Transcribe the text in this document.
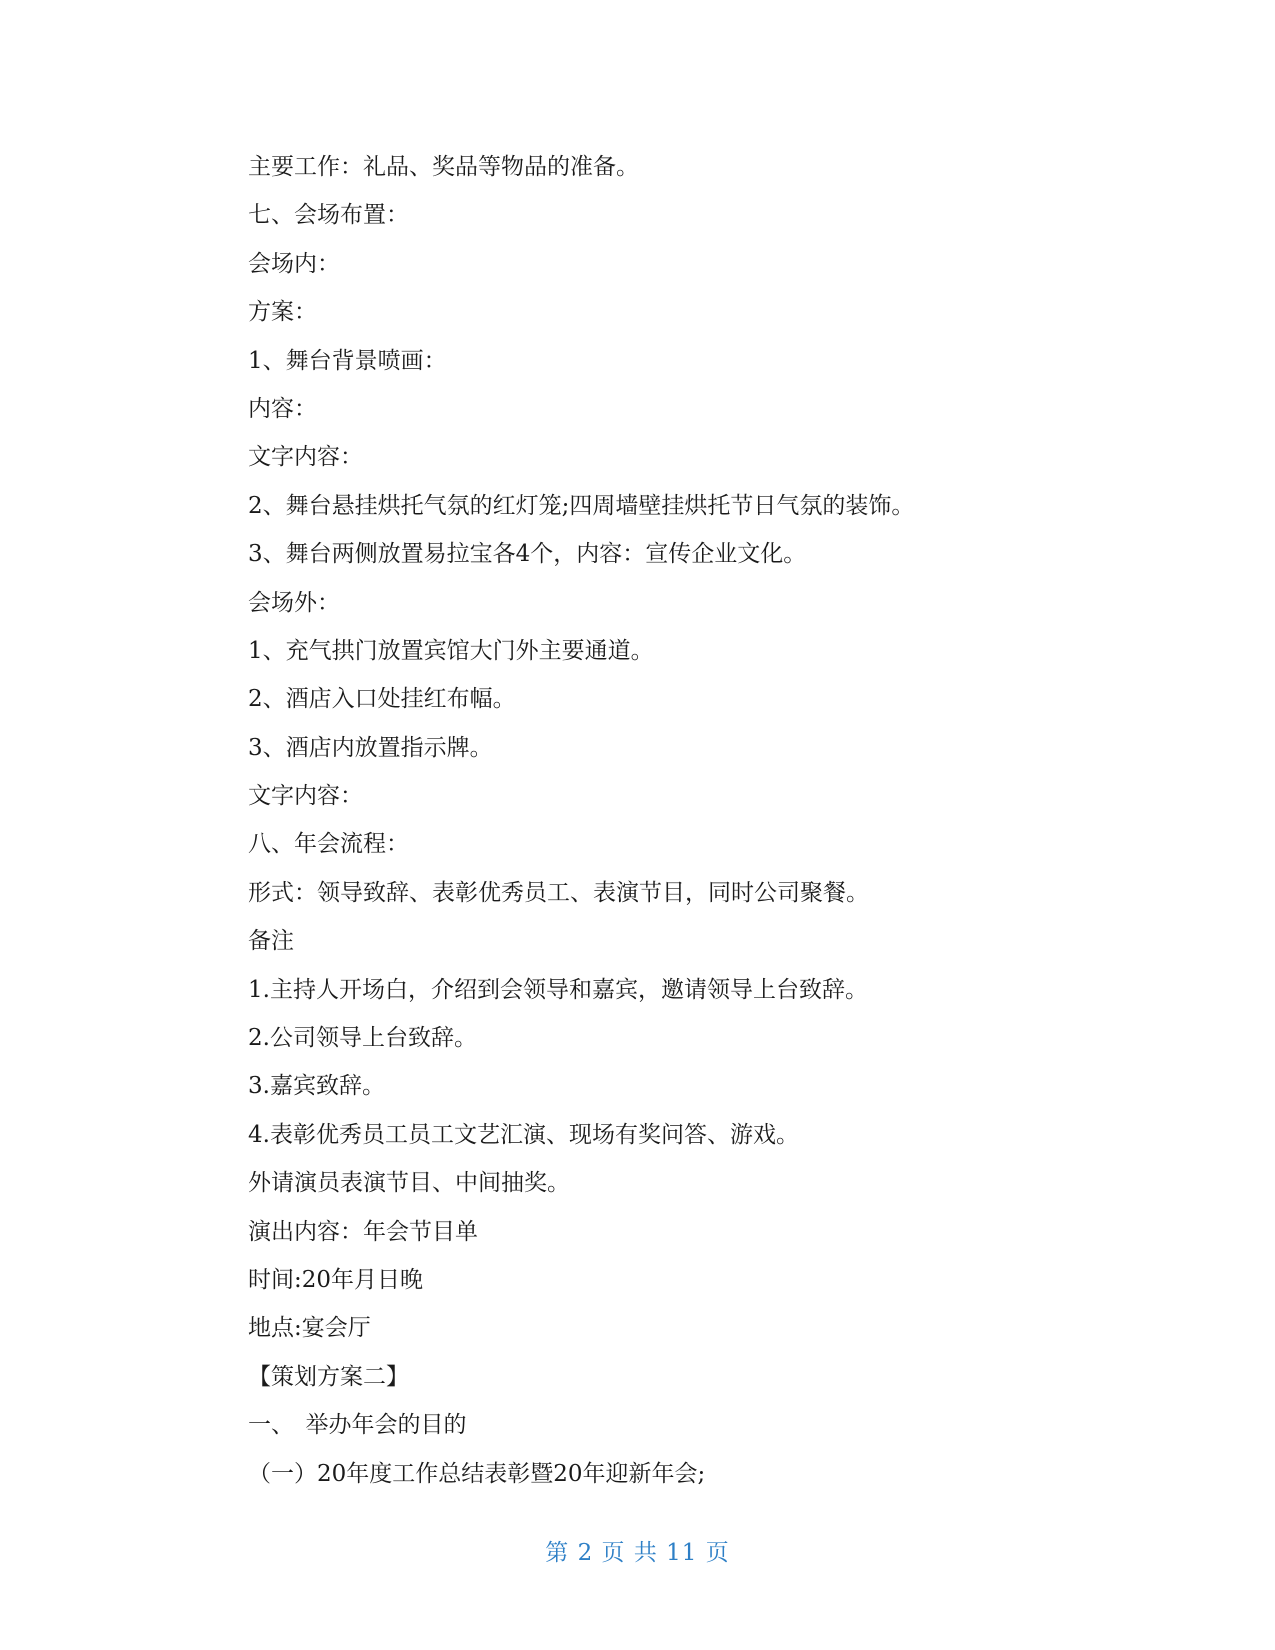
主要工作：礼品、奖品等物品的准备。
七、会场布置：
会场内：
方案：
1、舞台背景喷画：
内容：
文字内容：
2、舞台悬挂烘托气氛的红灯笼;四周墙壁挂烘托节日气氛的装饰。
3、舞台两侧放置易拉宝各4个，内容：宣传企业文化。
会场外：
1、充气拱门放置宾馆大门外主要通道。
2、酒店入口处挂红布幅。
3、酒店内放置指示牌。
文字内容：
八、年会流程：
形式：领导致辞、表彰优秀员工、表演节目，同时公司聚餐。
备注
1.主持人开场白，介绍到会领导和嘉宾，邀请领导上台致辞。
2.公司领导上台致辞。
3.嘉宾致辞。
4.表彰优秀员工员工文艺汇演、现场有奖问答、游戏。
外请演员表演节目、中间抽奖。
演出内容：年会节目单
时间:20年月日晚
地点:宴会厅
【策划方案二】
一、　举办年会的目的
（一）20年度工作总结表彰暨20年迎新年会;
第 2 页 共 11 页
